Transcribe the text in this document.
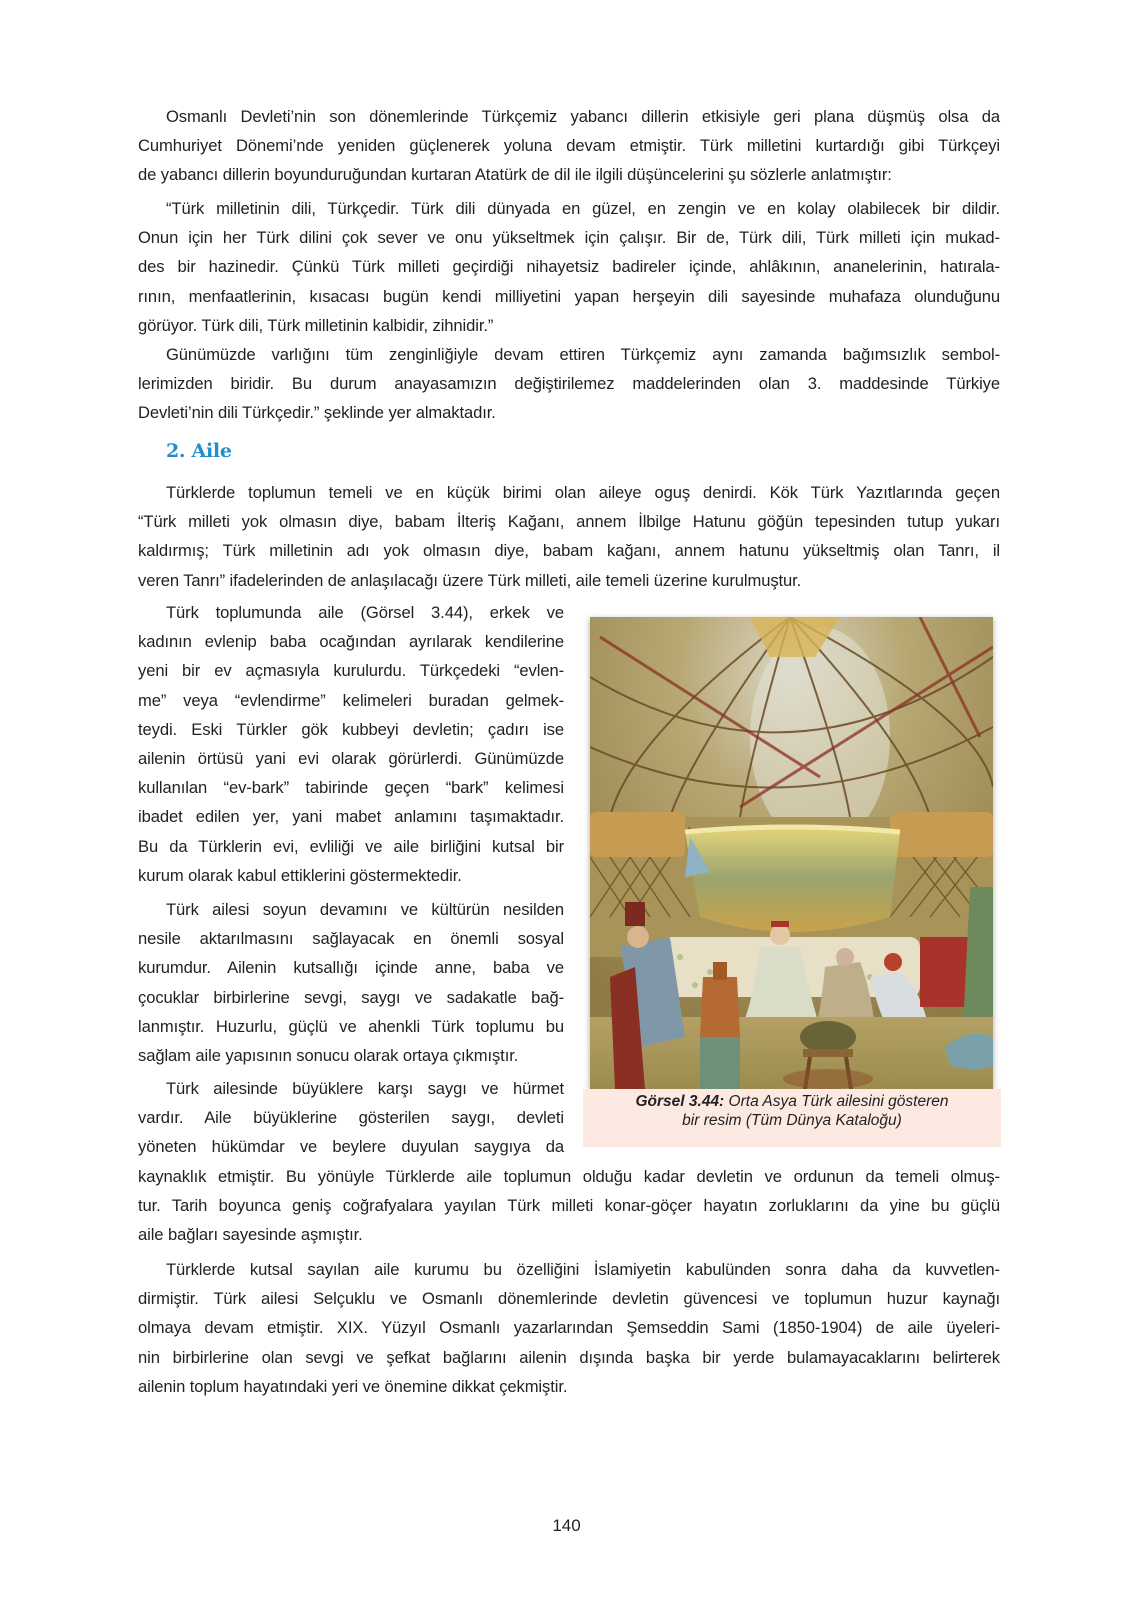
Osmanlı Devleti’nin son dönemlerinde Türkçemiz yabancı dillerin etkisiyle geri plana düşmüş olsa da
Cumhuriyet Dönemi’nde yeniden güçlenerek yoluna devam etmiştir. Türk milletini kurtardığı gibi Türkçeyi
de yabancı dillerin boyunduruğundan kurtaran Atatürk de dil ile ilgili düşüncelerini şu sözlerle anlatmıştır:
“Türk milletinin dili, Türkçedir. Türk dili dünyada en güzel, en zengin ve en kolay olabilecek bir dildir.
Onun için her Türk dilini çok sever ve onu yükseltmek için çalışır. Bir de, Türk dili, Türk milleti için mukad-
des bir hazinedir. Çünkü Türk milleti geçirdiği nihayetsiz badireler içinde, ahlâkının, ananelerinin, hatırala-
rının, menfaatlerinin, kısacası bugün kendi milliyetini yapan herşeyin dili sayesinde muhafaza olunduğunu
görüyor. Türk dili, Türk milletinin kalbidir, zihnidir.”
Günümüzde varlığını tüm zenginliğiyle devam ettiren Türkçemiz aynı zamanda bağımsızlık sembol-
lerimizden biridir. Bu durum anayasamızın değiştirilemez maddelerinden olan 3. maddesinde Türkiye
Devleti’nin dili Türkçedir.” şeklinde yer almaktadır.
2. Aile
Türklerde toplumun temeli ve en küçük birimi olan aileye oguş denirdi. Kök Türk Yazıtlarında geçen
“Türk milleti yok olmasın diye, babam İlteriş Kağanı, annem İlbilge Hatunu göğün tepesinden tutup yukarı
kaldırmış; Türk milletinin adı yok olmasın diye, babam kağanı, annem hatunu yükseltmiş olan Tanrı, il
veren Tanrı” ifadelerinden de anlaşılacağı üzere Türk milleti, aile temeli üzerine kurulmuştur.
Türk toplumunda aile (Görsel 3.44), erkek ve
kadının evlenip baba ocağından ayrılarak kendilerine
yeni bir ev açmasıyla kurulurdu. Türkçedeki “evlen-
me” veya “evlendirme” kelimeleri buradan gelmek-
teydi. Eski Türkler gök kubbeyi devletin; çadırı ise
ailenin örtüsü yani evi olarak görürlerdi. Günümüzde
kullanılan “ev-bark” tabirinde geçen “bark” kelimesi
ibadet edilen yer, yani mabet anlamını taşımaktadır.
Bu da Türklerin evi, evliliği ve aile birliğini kutsal bir
kurum olarak kabul ettiklerini göstermektedir.
Türk ailesi soyun devamını ve kültürün nesilden
nesile aktarılmasını sağlayacak en önemli sosyal
kurumdur. Ailenin kutsallığı içinde anne, baba ve
çocuklar birbirlerine sevgi, saygı ve sadakatle bağ-
lanmıştır. Huzurlu, güçlü ve ahenkli Türk toplumu bu
sağlam aile yapısının sonucu olarak ortaya çıkmıştır.
Türk ailesinde büyüklere karşı saygı ve hürmet
vardır. Aile büyüklerine gösterilen saygı, devleti
yöneten hükümdar ve beylere duyulan saygıya da
kaynaklık etmiştir. Bu yönüyle Türklerde aile toplumun olduğu kadar devletin ve ordunun da temeli olmuş-
tur. Tarih boyunca geniş coğrafyalara yayılan Türk milleti konar-göçer hayatın zorluklarını da yine bu güçlü
aile bağları sayesinde aşmıştır.
Türklerde kutsal sayılan aile kurumu bu özelliğini İslamiyetin kabulünden sonra daha da kuvvetlen-
dirmiştir. Türk ailesi Selçuklu ve Osmanlı dönemlerinde devletin güvencesi ve toplumun huzur kaynağı
olmaya devam etmiştir. XIX. Yüzyıl Osmanlı yazarlarından Şemseddin Sami (1850-1904) de aile üyeleri-
nin birbirlerine olan sevgi ve şefkat bağlarını ailenin dışında başka bir yerde bulamayacaklarını belirterek
ailenin toplum hayatındaki yeri ve önemine dikkat çekmiştir.
Görsel 3.44: Orta Asya Türk ailesini gösteren
bir resim (Tüm Dünya Kataloğu)
140
